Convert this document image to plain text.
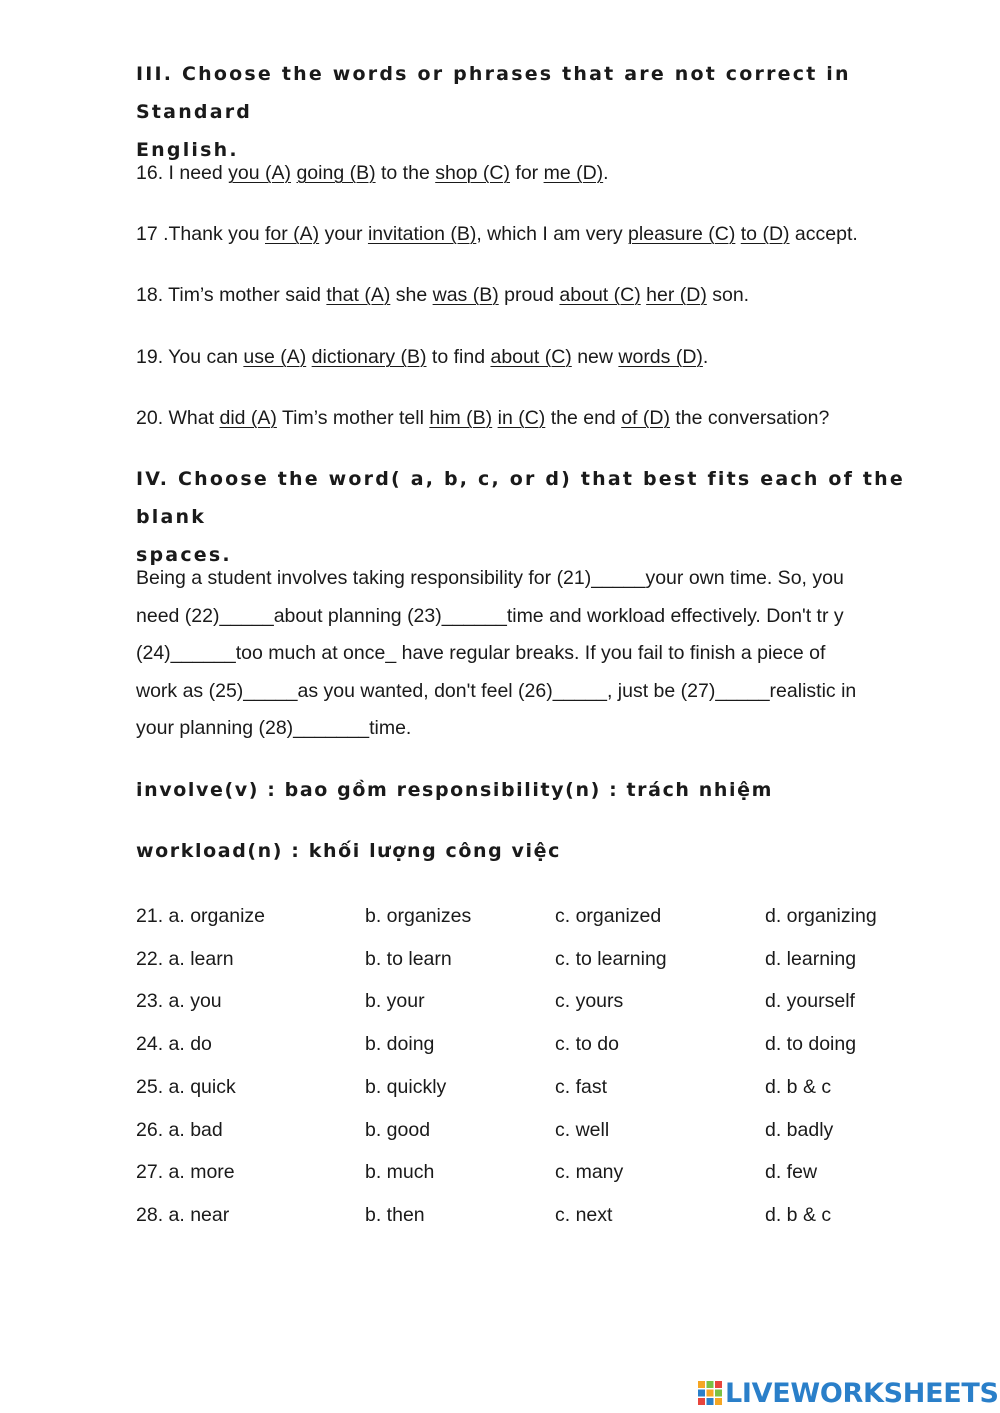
III. Choose the words or phrases that are not correct in Standard
English.
16. I need you (A) going (B) to the shop (C) for me (D).
17 .Thank you for (A) your invitation (B), which I am very pleasure (C) to (D) accept.
18. Tim’s mother said that (A) she was (B) proud about (C) her (D) son.
19. You can use (A) dictionary (B) to find about (C) new words (D).
20. What did (A) Tim’s mother tell him (B) in (C) the end of (D) the conversation?
IV. Choose the word( a, b, c, or d) that best fits each of the blank
spaces.
Being a student involves taking responsibility for (21)_____your own time. So, you
need (22)_____about planning (23)______time and workload effectively. Don't tr y
(24)______too much at once_ have regular breaks. If you fail to finish a piece of
work as (25)_____as you wanted, don't feel (26)_____, just be (27)_____realistic in
your planning (28)_______time.
involve(v) : bao gồm responsibility(n) : trách nhiệm
workload(n) : khối lượng công việc
21. a. organize	b. organizes	c. organized	d. organizing
22. a. learn	b. to learn	c. to learning	d. learning
23. a. you	b. your	c. yours	d. yourself
24. a. do	b. doing	c. to do	d. to doing
25. a. quick	b. quickly	c. fast	d. b & c
26. a. bad	b. good	c. well	d. badly
27. a. more	b. much	c. many	d. few
28. a. near	b. then	c. next	d. b & c
LIVEWORKSHEETS
